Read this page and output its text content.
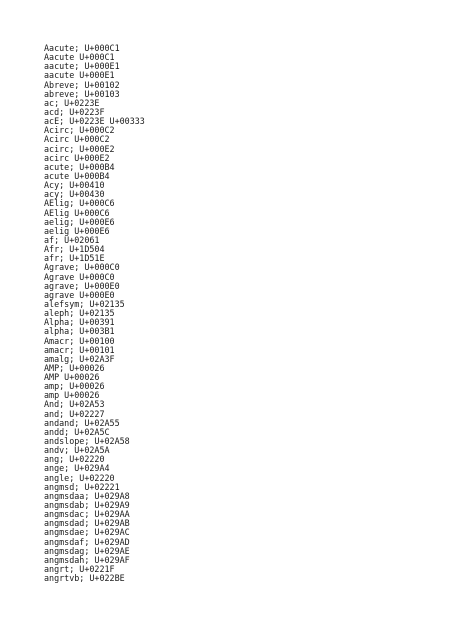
Aacute; U+000C1
Aacute U+000C1
aacute; U+000E1
aacute U+000E1
Abreve; U+00102
abreve; U+00103
ac; U+0223E
acd; U+0223F
acE; U+0223E U+00333
Acirc; U+000C2
Acirc U+000C2
acirc; U+000E2
acirc U+000E2
acute; U+000B4
acute U+000B4
Acy; U+00410
acy; U+00430
AElig; U+000C6
AElig U+000C6
aelig; U+000E6
aelig U+000E6
af; U+02061
Afr; U+1D504
afr; U+1D51E
Agrave; U+000C0
Agrave U+000C0
agrave; U+000E0
agrave U+000E0
alefsym; U+02135
aleph; U+02135
Alpha; U+00391
alpha; U+003B1
Amacr; U+00100
amacr; U+00101
amalg; U+02A3F
AMP; U+00026
AMP U+00026
amp; U+00026
amp U+00026
And; U+02A53
and; U+02227
andand; U+02A55
andd; U+02A5C
andslope; U+02A58
andv; U+02A5A
ang; U+02220
ange; U+029A4
angle; U+02220
angmsd; U+02221
angmsdaa; U+029A8
angmsdab; U+029A9
angmsdac; U+029AA
angmsdad; U+029AB
angmsdae; U+029AC
angmsdaf; U+029AD
angmsdag; U+029AE
angmsdah; U+029AF
angrt; U+0221F
angrtvb; U+022BE
